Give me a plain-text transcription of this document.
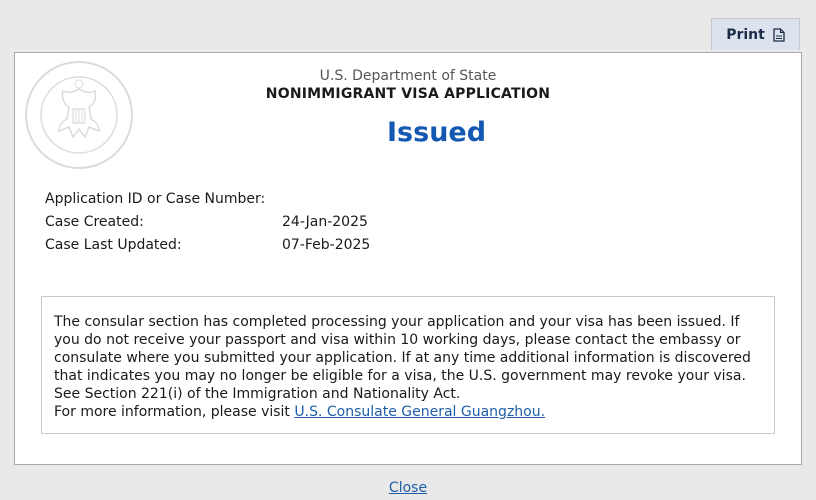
Print
U.S. Department of State
NONIMMIGRANT VISA APPLICATION
Issued
Application ID or Case Number:
Case Created:	24-Jan-2025
Case Last Updated:	07-Feb-2025

The consular section has completed processing your application and your visa has been issued. If you do not receive your passport and visa within 10 working days, please contact the embassy or consulate where you submitted your application. If at any time additional information is discovered that indicates you may no longer be eligible for a visa, the U.S. government may revoke your visa. See Section 221(i) of the Immigration and Nationality Act.

For more information, please visit U.S. Consulate General Guangzhou.

Close
